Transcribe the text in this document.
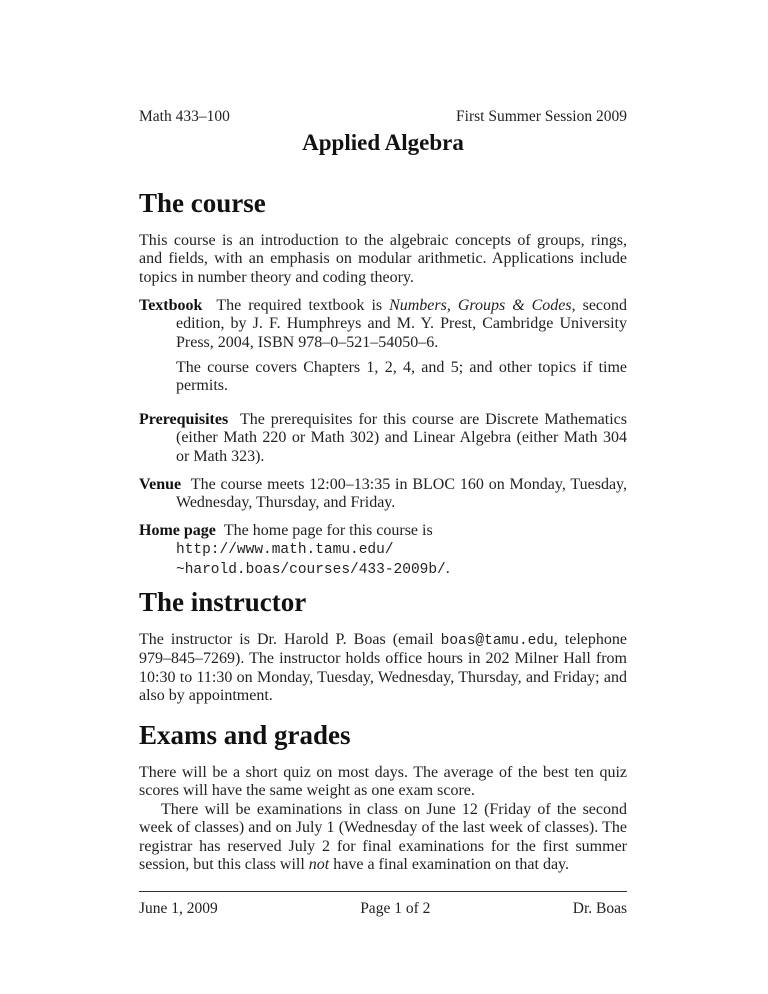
Math 433–100	First Summer Session 2009
Applied Algebra
The course

This course is an introduction to the algebraic concepts of groups, rings, and fields, with an emphasis on modular arithmetic. Applications include topics in number theory and coding theory.

Textbook The required textbook is Numbers, Groups & Codes, second edition, by J. F. Humphreys and M. Y. Prest, Cambridge University Press, 2004, ISBN 978–0–521–54050–6.

The course covers Chapters 1, 2, 4, and 5; and other topics if time permits.

Prerequisites The prerequisites for this course are Discrete Mathematics (either Math 220 or Math 302) and Linear Algebra (either Math 304 or Math 323).

Venue The course meets 12:00–13:35 in BLOC 160 on Monday, Tuesday, Wednesday, Thursday, and Friday.

Home page The home page for this course is http://www.math.tamu.edu/
~harold.boas/courses/433-2009b/.

The instructor

The instructor is Dr. Harold P. Boas (email boas@tamu.edu, telephone 979–845–7269). The instructor holds office hours in 202 Milner Hall from 10:30 to 11:30 on Monday, Tuesday, Wednesday, Thursday, and Friday; and also by appointment.

Exams and grades

There will be a short quiz on most days. The average of the best ten quiz scores will have the same weight as one exam score.

There will be examinations in class on June 12 (Friday of the second week of classes) and on July 1 (Wednesday of the last week of classes). The registrar has reserved July 2 for final examinations for the first summer session, but this class will not have a final examination on that day.

June 1, 2009	Page 1 of 2	Dr. Boas
